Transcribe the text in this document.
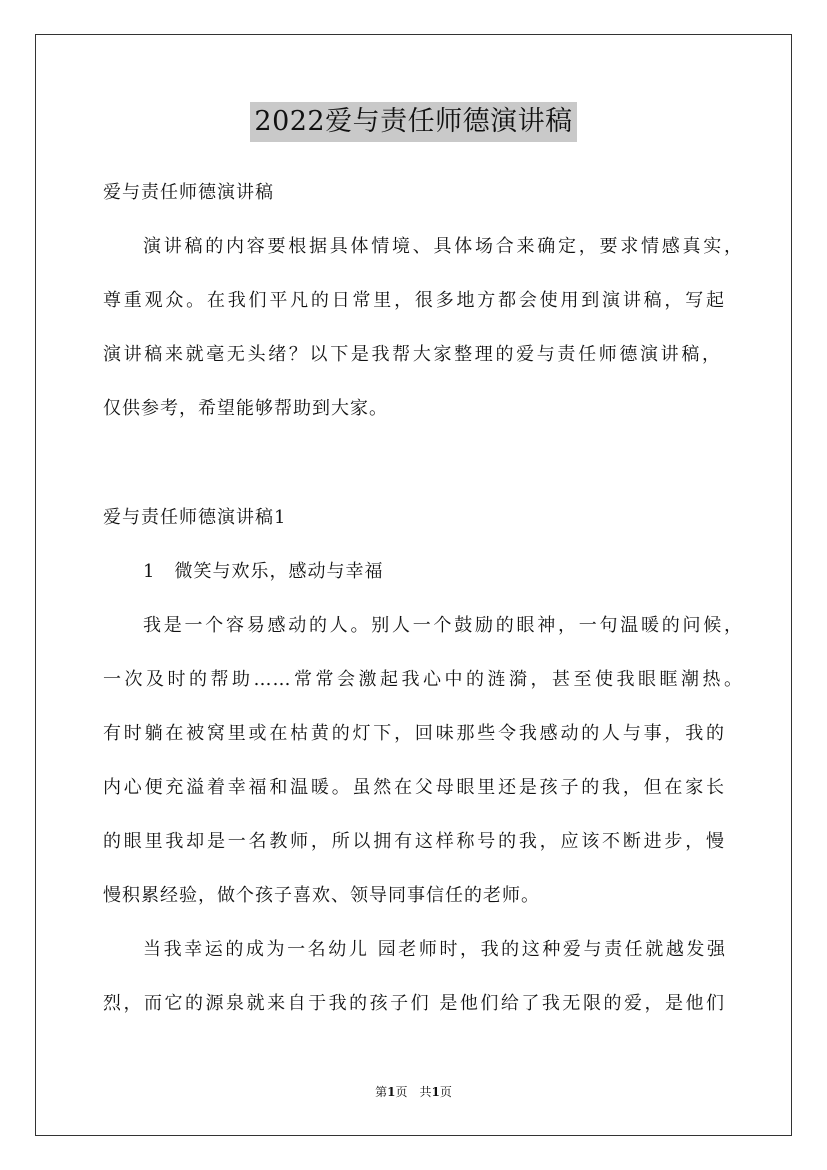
2022爱与责任师德演讲稿
爱与责任师德演讲稿
演讲稿的内容要根据具体情境、具体场合来确定，要求情感真实，
尊重观众。在我们平凡的日常里，很多地方都会使用到演讲稿，写起
演讲稿来就毫无头绪？以下是我帮大家整理的爱与责任师德演讲稿，
仅供参考，希望能够帮助到大家。
爱与责任师德演讲稿1
1　微笑与欢乐，感动与幸福
我是一个容易感动的人。别人一个鼓励的眼神，一句温暖的问候，
一次及时的帮助……常常会激起我心中的涟漪，甚至使我眼眶潮热。
有时躺在被窝里或在枯黄的灯下，回味那些令我感动的人与事，我的
内心便充溢着幸福和温暖。虽然在父母眼里还是孩子的我，但在家长
的眼里我却是一名教师，所以拥有这样称号的我，应该不断进步，慢
慢积累经验，做个孩子喜欢、领导同事信任的老师。
当我幸运的成为一名幼儿 园老师时，我的这种爱与责任就越发强
烈，而它的源泉就来自于我的孩子们 是他们给了我无限的爱，是他们
第1页　共1页
